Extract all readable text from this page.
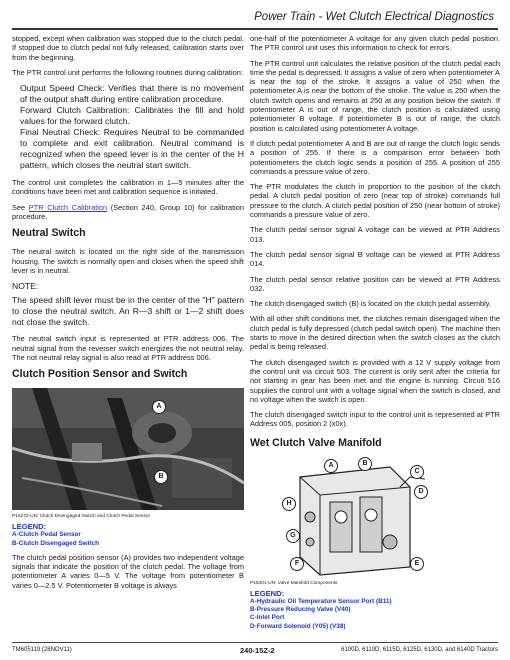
Power Train - Wet Clutch Electrical Diagnostics

stopped, except when calibration was stopped due to the clutch pedal. If stopped due to clutch pedal not fully released, calibration starts over from the beginning.

The PTR control unit performs the following routines during calibration:

Output Speed Check: Verifies that there is no movement of the output shaft during entire calibration procedure.

Forward Clutch Calibration: Calibrates the fill and hold values for the forward clutch.

Final Neutral Check: Requires Neutral to be commanded to complete and exit calibration. Neutral command is recognized when the speed lever is in the center of the H pattern, which closes the neutral start switch.

The control unit completes the calibration in 1—5 minutes after the conditions have been met and calibration sequence is initiated.

See PTR Clutch Calibration (Section 240, Group 10) for calibration procedure.

Neutral Switch

The neutral switch is located on the right side of the transmission housing. The switch is normally open and closes when the speed shift lever is in neutral.

NOTE:

The speed shift lever must be in the center of the "H" pattern to close the neutral switch. An R—3 shift or 1—2 shift does not close the switch.

The neutral switch input is represented at PTR address 006. The neutral signal from the reverser switch energizes the not neutral relay. The not neutral relay signal is also read at PTR address 006.

Clutch Position Sensor and Switch
A
B

P15272-UN: Clutch Disengaged Switch and Clutch Pedal Sensor

LEGEND:

A-Clutch Pedal Sensor

B-Clutch Disengaged Switch

The clutch pedal position sensor (A) provides two independent voltage signals that indicate the position of the clutch pedal. The voltage from potentiometer A varies 0—5 V. The voltage from potentiometer B varies 0—2.5 V. Potentiometer B voltage is always

one-half of the potentiometer A voltage for any given clutch pedal position. The PTR control unit uses this information to check for errors.

The PTR control unit calculates the relative position of the clutch pedal each time the pedal is depressed. It assigns a value of zero when potentiometer A is near the top of the stroke. It assigns a value of 250 when the potentiometer A is near the bottom of the stroke. The value is 250 when the clutch switch opens and remains at 250 at any position below the switch. If potentiometer A is out of range, the clutch position is calculated using potentiometer B voltage. If potentiometer B is out of range, the clutch position is calculated using potentiometer A voltage.

If clutch pedal potentiometer A and B are out of range the clutch logic sends a position of 255. If there is a comparison error between both potentiometers the clutch logic sends a position of 255. A position of 255 commands a pressure value of zero.

The PTR modulates the clutch in proportion to the position of the clutch pedal. A clutch pedal position of zero (near top of stroke) commands full pressure to the clutch. A clutch pedal position of 250 (near bottom of stroke) commands a pressure value of zero.

The clutch pedal sensor signal A voltage can be viewed at PTR Address 013.

The clutch pedal sensor signal B voltage can be viewed at PTR Address 014.

The clutch pedal sensor relative position can be viewed at PTR Address 032.

The clutch disengaged switch (B) is located on the clutch pedal assembly.

With all other shift conditions met, the clutches remain disengaged when the clutch pedal is fully depressed (clutch pedal switch open). The machine then starts to move in the desired direction when the switch closes as the clutch pedal is being released.

The clutch disengaged switch is provided with a 12 V supply voltage from the control unit via circuit 503. The current is only sent after the criteria for not starting in gear has been met and the engine is running. Circuit 516 supplies the control unit with a voltage signal when the switch is closed, and no voltage when the switch is open.

The clutch disengaged switch input to the control unit is represented at PTR Address 005, position 2 (x0x).

Wet Clutch Valve Manifold
A	B
C
D
E
F
G
H

P15401-UN: Valve Manifold Components

LEGEND:

A-Hydraulic Oil Temperature Sensor Port (B11)

B-Pressure Reducing Valve (V40)

C-Inlet Port

D-Forward Solenoid (Y05) (V38)

TM605119 (28NOV11)	240-15Z-2	6100D, 6110D, 6115D, 6125D, 6130D, and 6140D Tractors
